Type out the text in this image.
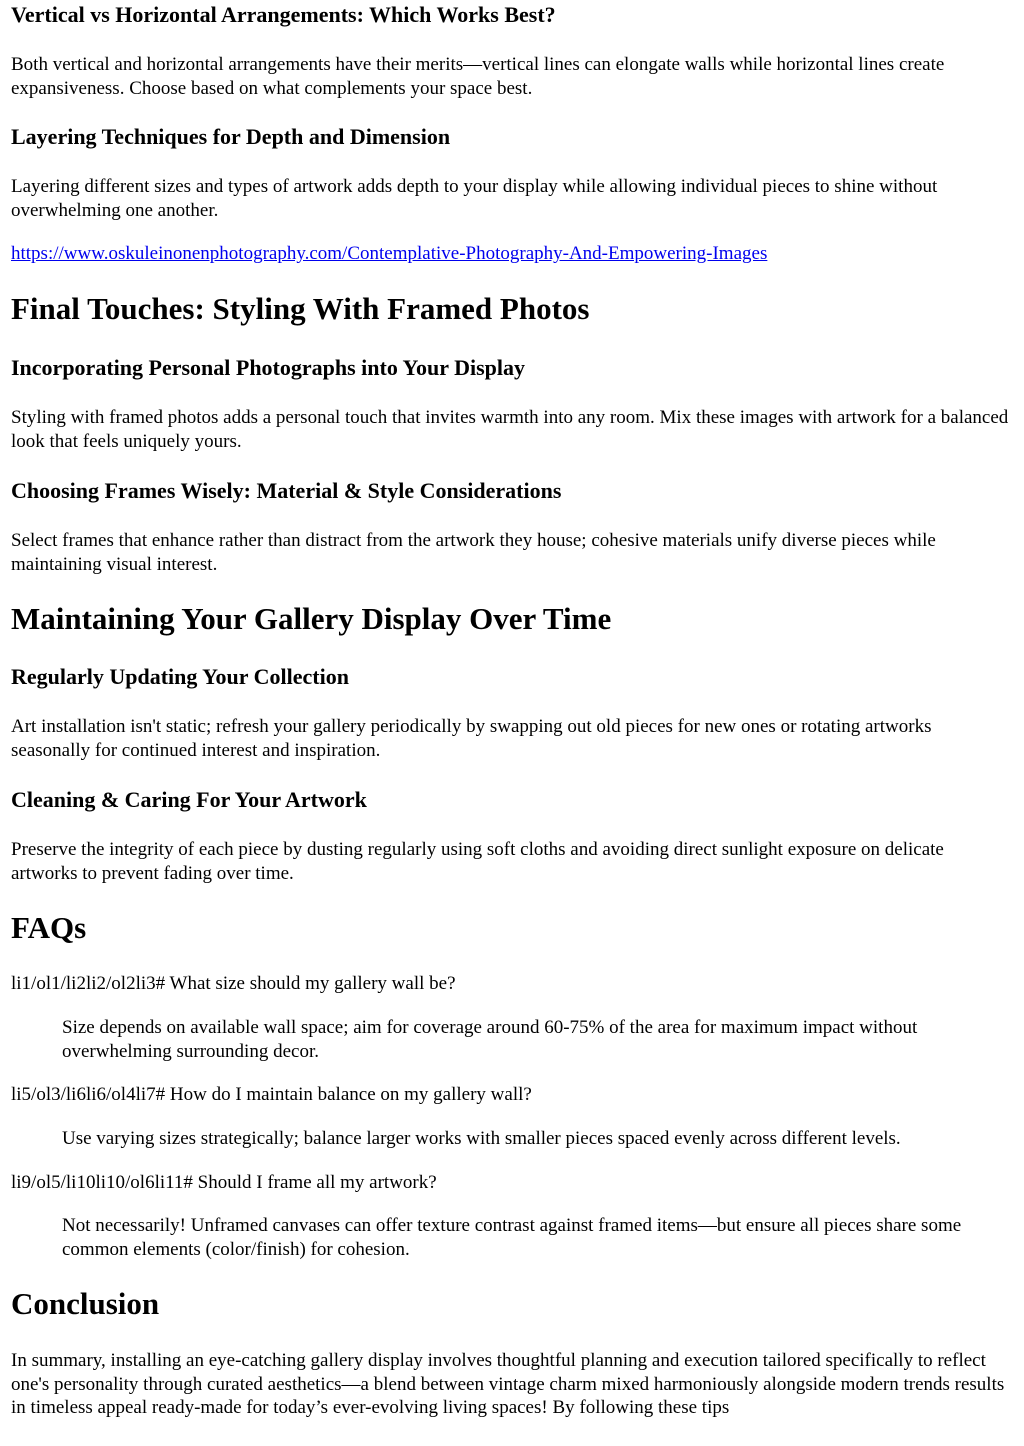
Vertical vs Horizontal Arrangements: Which Works Best?

Both vertical and horizontal arrangements have their merits—vertical lines can elongate walls while horizontal lines create expansiveness. Choose based on what complements your space best.

Layering Techniques for Depth and Dimension

Layering different sizes and types of artwork adds depth to your display while allowing individual pieces to shine without overwhelming one another.

https://www.oskuleinonenphotography.com/Contemplative-Photography-And-Empowering-Images
Final Touches: Styling With Framed Photos
Incorporating Personal Photographs into Your Display

Styling with framed photos adds a personal touch that invites warmth into any room. Mix these images with artwork for a balanced look that feels uniquely yours.

Choosing Frames Wisely: Material & Style Considerations

Select frames that enhance rather than distract from the artwork they house; cohesive materials unify diverse pieces while maintaining visual interest.

Maintaining Your Gallery Display Over Time
Regularly Updating Your Collection

Art installation isn't static; refresh your gallery periodically by swapping out old pieces for new ones or rotating artworks seasonally for continued interest and inspiration.

Cleaning & Caring For Your Artwork

Preserve the integrity of each piece by dusting regularly using soft cloths and avoiding direct sunlight exposure on delicate artworks to prevent fading over time.

FAQs

li1/ol1/li2li2/ol2li3# What size should my gallery wall be?

Size depends on available wall space; aim for coverage around 60-75% of the area for maximum impact without overwhelming surrounding decor.

li5/ol3/li6li6/ol4li7# How do I maintain balance on my gallery wall?

Use varying sizes strategically; balance larger works with smaller pieces spaced evenly across different levels.

li9/ol5/li10li10/ol6li11# Should I frame all my artwork?

Not necessarily! Unframed canvases can offer texture contrast against framed items—but ensure all pieces share some common elements (color/finish) for cohesion.

Conclusion

In summary, installing an eye-catching gallery display involves thoughtful planning and execution tailored specifically to reflect one's personality through curated aesthetics—a blend between vintage charm mixed harmoniously alongside modern trends results in timeless appeal ready-made for today’s ever-evolving living spaces! By following these tips
